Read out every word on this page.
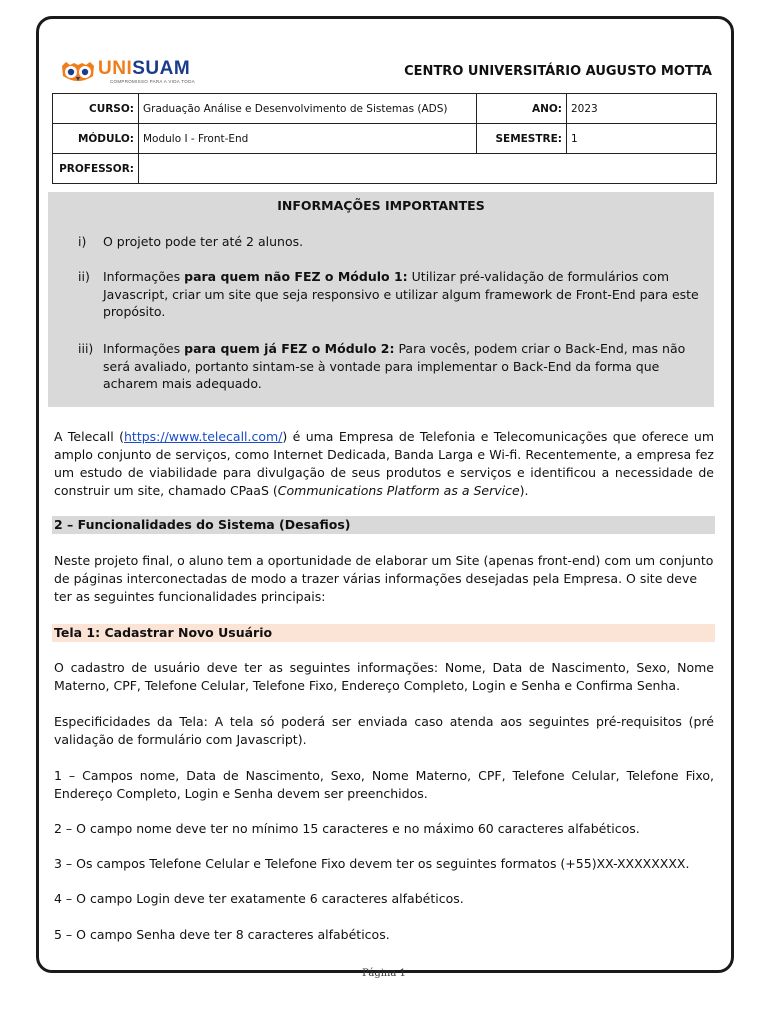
UNISUAM
COMPROMISSO PARA A VIDA TODA
CENTRO UNIVERSITÁRIO AUGUSTO MOTTA
CURSO:	Graduação Análise e Desenvolvimento de Sistemas (ADS)	ANO:	2023
MÓDULO:	Modulo I - Front-End	SEMESTRE:	1
PROFESSOR:			
INFORMAÇÕES IMPORTANTES
i) O projeto pode ter até 2 alunos.
ii) Informações para quem não FEZ o Módulo 1: Utilizar pré-validação de formulários com Javascript, criar um site que seja responsivo e utilizar algum framework de Front-End para este propósito.
iii) Informações para quem já FEZ o Módulo 2: Para vocês, podem criar o Back-End, mas não será avaliado, portanto sintam-se à vontade para implementar o Back-End da forma que acharem mais adequado.
A Telecall (https://www.telecall.com/) é uma Empresa de Telefonia e Telecomunicações que oferece um amplo conjunto de serviços, como Internet Dedicada, Banda Larga e Wi-fi. Recentemente, a empresa fez um estudo de viabilidade para divulgação de seus produtos e serviços e identificou a necessidade de construir um site, chamado CPaaS (Communications Platform as a Service).
2 – Funcionalidades do Sistema (Desafios)
Neste projeto final, o aluno tem a oportunidade de elaborar um Site (apenas front-end) com um conjunto de páginas interconectadas de modo a trazer várias informações desejadas pela Empresa. O site deve ter as seguintes funcionalidades principais:
Tela 1: Cadastrar Novo Usuário
O cadastro de usuário deve ter as seguintes informações: Nome, Data de Nascimento, Sexo, Nome Materno, CPF, Telefone Celular, Telefone Fixo, Endereço Completo, Login e Senha e Confirma Senha.
Especificidades da Tela: A tela só poderá ser enviada caso atenda aos seguintes pré-requisitos (pré validação de formulário com Javascript).
1 – Campos nome, Data de Nascimento, Sexo, Nome Materno, CPF, Telefone Celular, Telefone Fixo, Endereço Completo, Login e Senha devem ser preenchidos.
2 – O campo nome deve ter no mínimo 15 caracteres e no máximo 60 caracteres alfabéticos.
3 – Os campos Telefone Celular e Telefone Fixo devem ter os seguintes formatos (+55)XX-XXXXXXXX.
4 – O campo Login deve ter exatamente 6 caracteres alfabéticos.
5 – O campo Senha deve ter 8 caracteres alfabéticos.
Página 1
